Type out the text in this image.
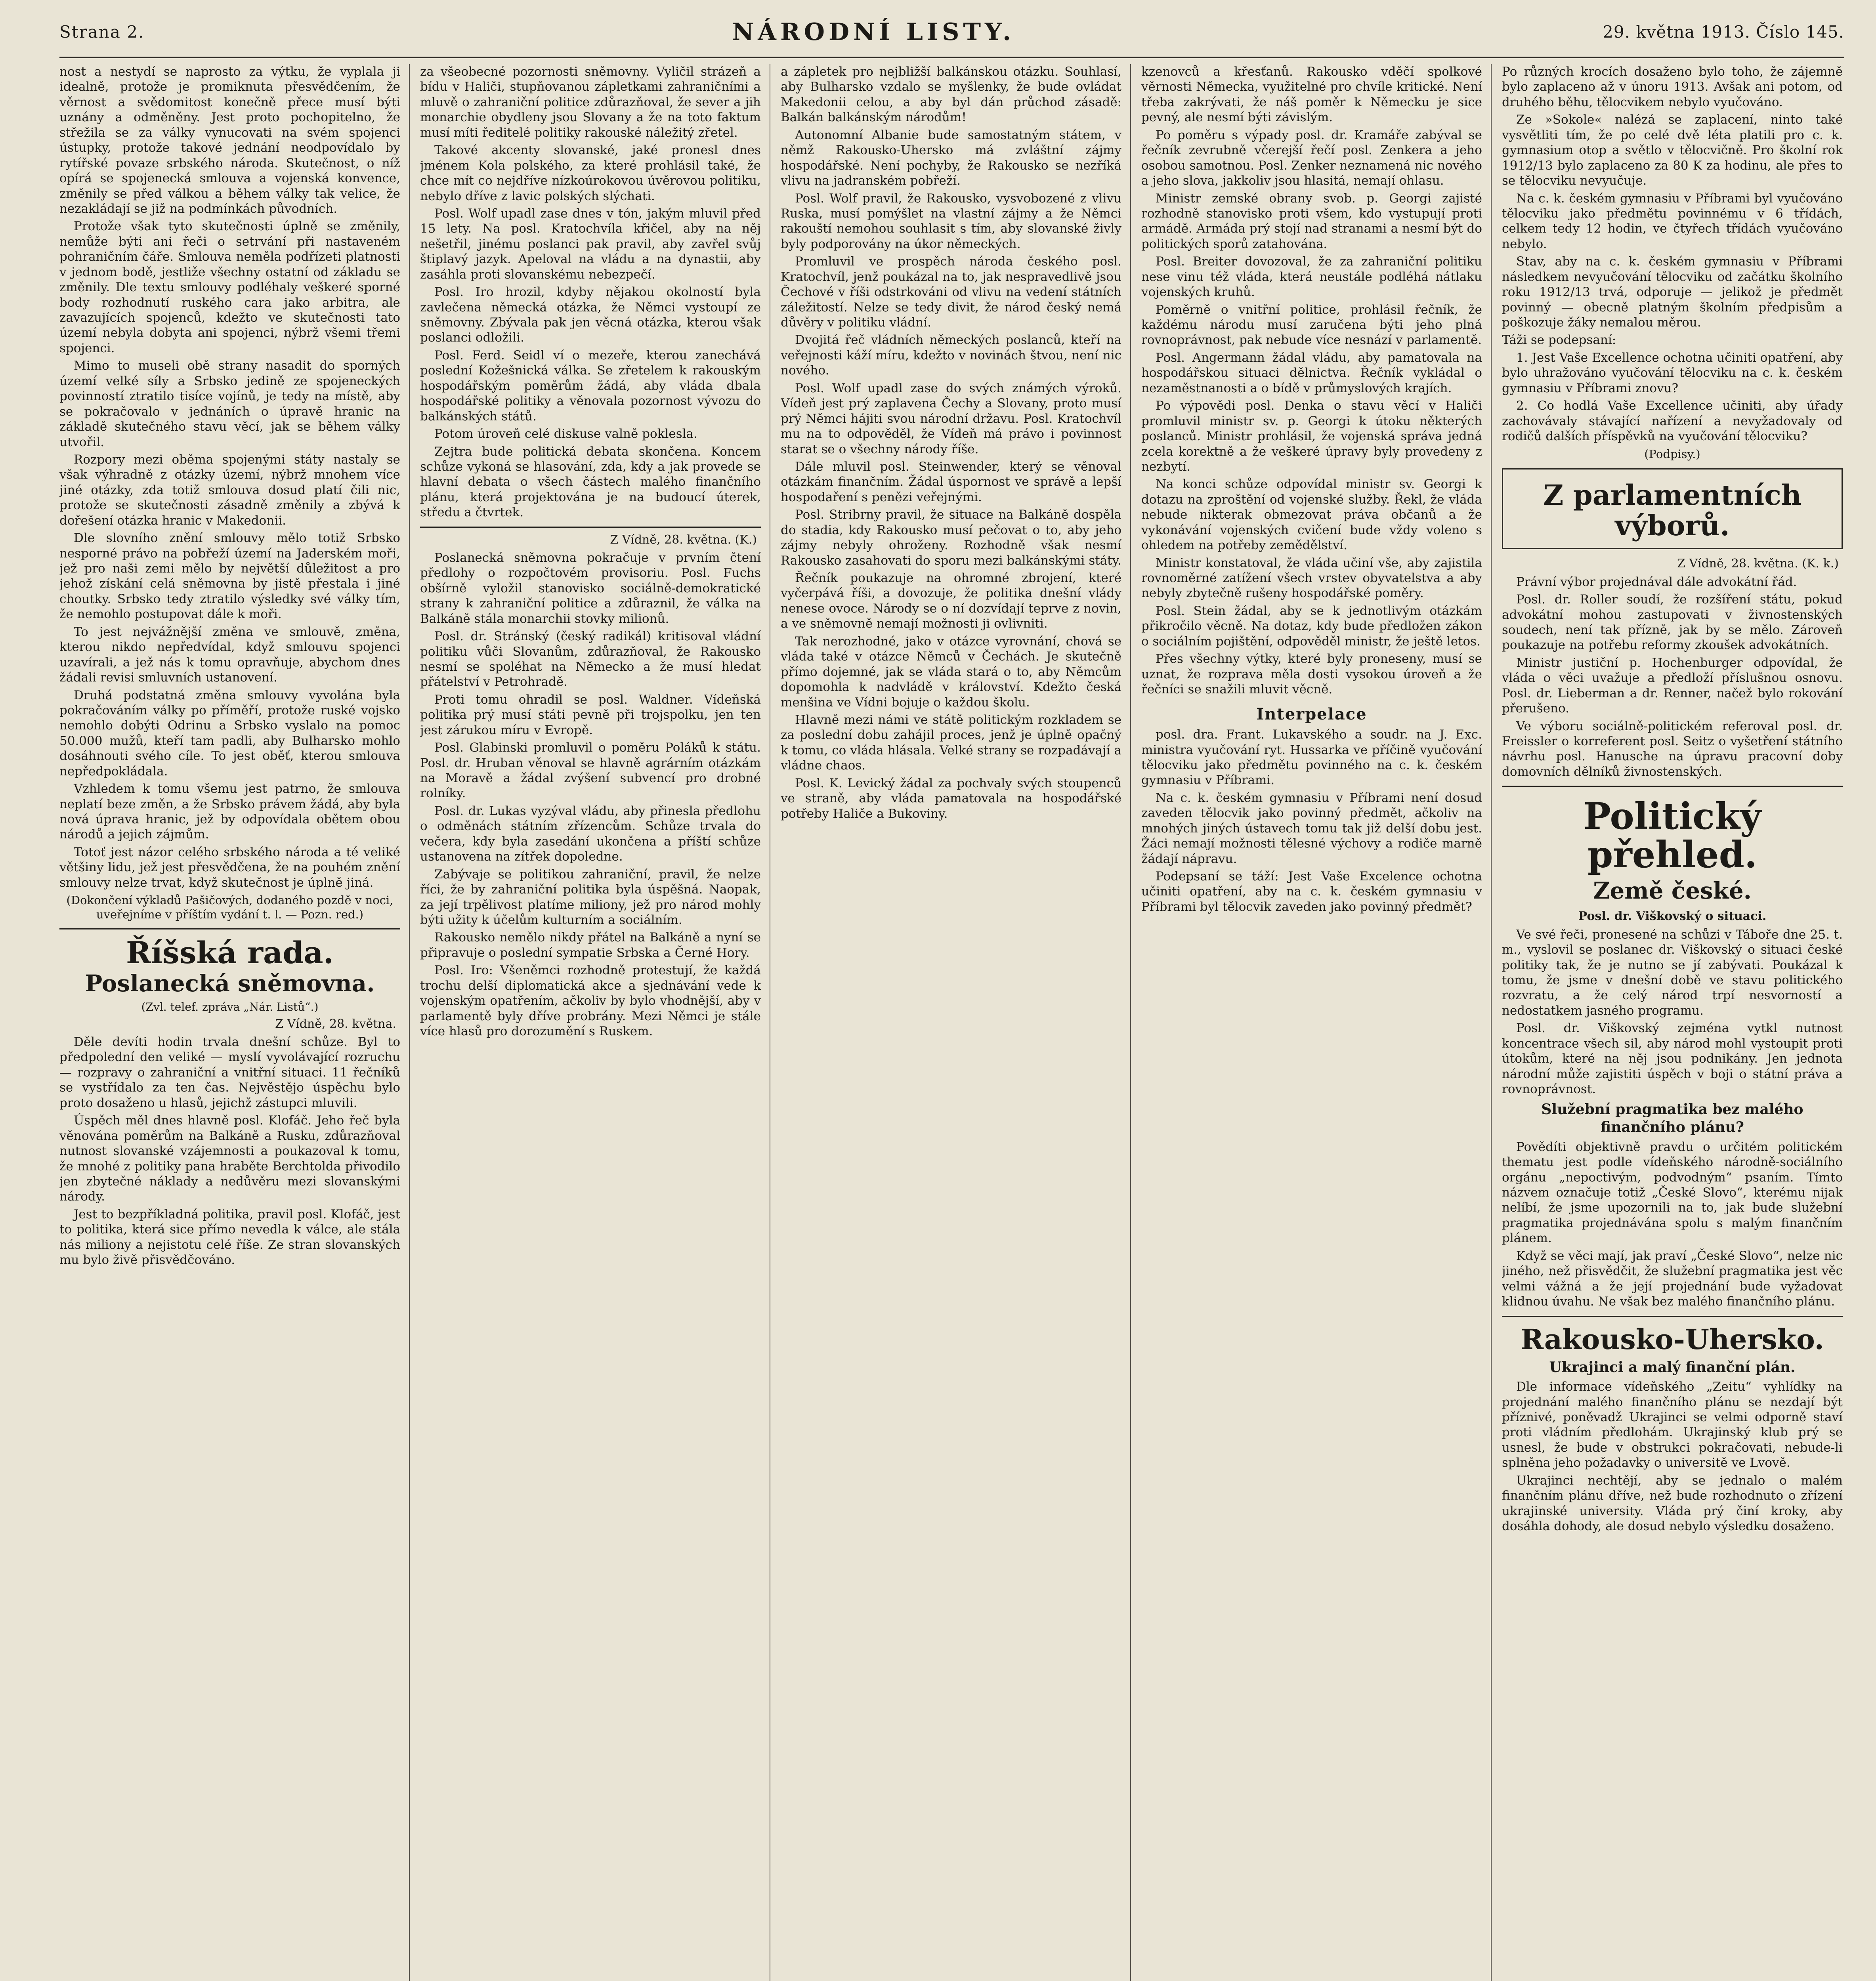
Strana 2.	NÁRODNÍ LISTY.	29. května 1913. Číslo 145.

nost a nestydí se naprosto za výtku, že vyplala ji idealně, protože je promiknuta přesvědčením, že věrnost a svědomitost konečně přece musí býti uznány a odměněny. Jest proto pochopitelno, že střežila se za války vynucovati na svém spojenci ústupky, protože takové jednání neodpovídalo by rytířské povaze srbského národa. Skutečnost, o níž opírá se spojenecká smlouva a vojenská konvence, změnily se před válkou a během války tak velice, že nezakládají se již na podmínkách původních.

Protože však tyto skutečnosti úplně se změnily, nemůže býti ani řeči o setrvání při nastaveném pohraničním čáře. Smlouva neměla podřízeti platnosti v jednom bodě, jestliže všechny ostatní od základu se změnily. Dle textu smlouvy podléhaly veškeré sporné body rozhodnutí ruského cara jako arbitra, ale zavazujících spojenců, kdežto ve skutečnosti tato území nebyla dobyta ani spojenci, nýbrž všemi třemi spojenci.

Mimo to museli obě strany nasadit do sporných území velké síly a Srbsko jedině ze spojeneckých povinností ztratilo tisíce vojínů, je tedy na místě, aby se pokračovalo v jednáních o úpravě hranic na základě skutečného stavu věcí, jak se během války utvořil.

Rozpory mezi oběma spojenými státy nastaly se však výhradně z otázky území, nýbrž mnohem více jiné otázky, zda totiž smlouva dosud platí čili nic, protože se skutečnosti zásadně změnily a zbývá k dořešení otázka hranic v Makedonii.

Dle slovního znění smlouvy mělo totiž Srbsko nesporné právo na pobřeží území na Jaderském moři, jež pro naši zemi mělo by největší důležitost a pro jehož získání celá sněmovna by jistě přestala i jiné choutky. Srbsko tedy ztratilo výsledky své války tím, že nemohlo postupovat dále k moři.

To jest nejvážnější změna ve smlouvě, změna, kterou nikdo nepředvídal, když smlouvu spojenci uzavírali, a jež nás k tomu opravňuje, abychom dnes žádali revisi smluvních ustanovení.

Druhá podstatná změna smlouvy vyvolána byla pokračováním války po příměří, protože ruské vojsko nemohlo dobýti Odrinu a Srbsko vyslalo na pomoc 50.000 mužů, kteří tam padli, aby Bulharsko mohlo dosáhnouti svého cíle. To jest oběť, kterou smlouva nepředpokládala.

Vzhledem k tomu všemu jest patrno, že smlouva neplatí beze změn, a že Srbsko právem žádá, aby byla nová úprava hranic, jež by odpovídala obětem obou národů a jejich zájmům.

Totoť jest názor celého srbského národa a té veliké většiny lidu, jež jest přesvědčena, že na pouhém znění smlouvy nelze trvat, když skutečnost je úplně jiná.

(Dokončení výkladů Pašičových, dodaného pozdě v noci, uveřejníme v příštím vydání t. l. — Pozn. red.)

Říšská rada.
Poslanecká sněmovna.
(Zvl. telef. zpráva „Nár. Listů“.)
Z Vídně, 28. května.

Děle devíti hodin trvala dnešní schůze. Byl to předpolední den veliké — myslí vyvolávající rozruchu — rozpravy o zahraniční a vnitřní situaci. 11 řečníků se vystřídalo za ten čas. Nejvěstějo úspěchu bylo proto dosaženo u hlasů, jejichž zástupci mluvili.

Úspěch měl dnes hlavně posl. Klofáč. Jeho řeč byla věnována poměrům na Balkáně a Rusku, zdůrazňoval nutnost slovanské vzájemnosti a poukazoval k tomu, že mnohé z politiky pana hraběte Berchtolda přivodilo jen zbytečné náklady a nedůvěru mezi slovanskými národy.

Jest to bezpříkladná politika, pravil posl. Klofáč, jest to politika, která sice přímo nevedla k válce, ale stála nás miliony a nejistotu celé říše. Ze stran slovanských mu bylo živě přisvědčováno.

za všeobecné pozornosti sněmovny. Vyličil strázeň a bídu v Haliči, stupňovanou zápletkami zahraničními a mluvě o zahraniční politice zdůrazňoval, že sever a jih monarchie obydleny jsou Slovany a že na toto faktum musí míti ředitelé politiky rakouské náležitý zřetel.

Takové akcenty slovanské, jaké pronesl dnes jménem Kola polského, za které prohlásil také, že chce mít co nejdříve nízkoúrokovou úvěrovou politiku, nebylo dříve z lavic polských slýchati.

Posl. Wolf upadl zase dnes v tón, jakým mluvil před 15 lety. Na posl. Kratochvíla křičel, aby na něj nešetřil, jinému poslanci pak pravil, aby zavřel svůj štiplavý jazyk. Apeloval na vládu a na dynastii, aby zasáhla proti slovanskému nebezpečí.

Posl. Iro hrozil, kdyby nějakou okolností byla zavlečena německá otázka, že Němci vystoupí ze sněmovny. Zbývala pak jen věcná otázka, kterou však poslanci odložili.

Posl. Ferd. Seidl ví o mezeře, kterou zanechává poslední Kožešnická válka. Se zřetelem k rakouským hospodářským poměrům žádá, aby vláda dbala hospodářské politiky a věnovala pozornost vývozu do balkánských států.

Potom úroveň celé diskuse valně poklesla.

Zejtra bude politická debata skončena. Koncem schůze vykoná se hlasování, zda, kdy a jak provede se hlavní debata o všech částech malého finančního plánu, která projektována je na budoucí úterek, středu a čtvrtek.

Z Vídně, 28. května. (K.)

Poslanecká sněmovna pokračuje v prvním čtení předlohy o rozpočtovém provisoriu. Posl. Fuchs obšírně vyložil stanovisko sociálně-demokratické strany k zahraniční politice a zdůraznil, že válka na Balkáně stála monarchii stovky milionů.

Posl. dr. Stránský (český radikál) kritisoval vládní politiku vůči Slovanům, zdůrazňoval, že Rakousko nesmí se spoléhat na Německo a že musí hledat přátelství v Petrohradě.

Proti tomu ohradil se posl. Waldner. Vídeňská politika prý musí státi pevně při trojspolku, jen ten jest zárukou míru v Evropě.

Posl. Glabinski promluvil o poměru Poláků k státu. Posl. dr. Hruban věnoval se hlavně agrárním otázkám na Moravě a žádal zvýšení subvencí pro drobné rolníky.

Posl. dr. Lukas vyzýval vládu, aby přinesla předlohu o odměnách státním zřízencům. Schůze trvala do večera, kdy byla zasedání ukončena a příští schůze ustanovena na zítřek dopoledne.

Zabývaje se politikou zahraniční, pravil, že nelze říci, že by zahraniční politika byla úspěšná. Naopak, za její trpělivost platíme miliony, jež pro národ mohly býti užity k účelům kulturním a sociálním.

Rakousko nemělo nikdy přátel na Balkáně a nyní se připravuje o poslední sympatie Srbska a Černé Hory.

Posl. Iro: Všeněmci rozhodně protestují, že každá trochu delší diplomatická akce a sjednávání vede k vojenským opatřením, ačkoliv by bylo vhodnější, aby v parlamentě byly dříve probrány. Mezi Němci je stále více hlasů pro dorozumění s Ruskem.

a zápletek pro nejbližší balkánskou otázku. Souhlasí, aby Bulharsko vzdalo se myšlenky, že bude ovládat Makedonii celou, a aby byl dán průchod zásadě: Balkán balkánským národům!

Autonomní Albanie bude samostatným státem, v němž Rakousko-Uhersko má zvláštní zájmy hospodářské. Není pochyby, že Rakousko se nezříká vlivu na jadranském pobřeží.

Posl. Wolf pravil, že Rakousko, vysvobozené z vlivu Ruska, musí pomýšlet na vlastní zájmy a že Němci rakouští nemohou souhlasit s tím, aby slovanské živly byly podporovány na úkor německých.

Promluvil ve prospěch národa českého posl. Kratochvíl, jenž poukázal na to, jak nespravedlivě jsou Čechové v říši odstrkováni od vlivu na vedení státních záležitostí. Nelze se tedy divit, že národ český nemá důvěry v politiku vládní.

Dvojitá řeč vládních německých poslanců, kteří na veřejnosti káží míru, kdežto v novinách štvou, není nic nového.

Posl. Wolf upadl zase do svých známých výroků. Vídeň jest prý zaplavena Čechy a Slovany, proto musí prý Němci hájiti svou národní državu. Posl. Kratochvíl mu na to odpověděl, že Vídeň má právo i povinnost starat se o všechny národy říše.

Dále mluvil posl. Steinwender, který se věnoval otázkám finančním. Žádal úspornost ve správě a lepší hospodaření s penězi veřejnými.

Posl. Stribrny pravil, že situace na Balkáně dospěla do stadia, kdy Rakousko musí pečovat o to, aby jeho zájmy nebyly ohroženy. Rozhodně však nesmí Rakousko zasahovati do sporu mezi balkánskými státy.

Řečník poukazuje na ohromné zbrojení, které vyčerpává říši, a dovozuje, že politika dnešní vlády nenese ovoce. Národy se o ní dozvídají teprve z novin, a ve sněmovně nemají možnosti ji ovlivniti.

Tak nerozhodné, jako v otázce vyrovnání, chová se vláda také v otázce Němců v Čechách. Je skutečně přímo dojemné, jak se vláda stará o to, aby Němcům dopomohla k nadvládě v království. Kdežto česká menšina ve Vídni bojuje o každou školu.

Hlavně mezi námi ve státě politickým rozkladem se za poslední dobu zahájil proces, jenž je úplně opačný k tomu, co vláda hlásala. Velké strany se rozpadávají a vládne chaos.

Posl. K. Levický žádal za pochvaly svých stoupenců ve straně, aby vláda pamatovala na hospodářské potřeby Haliče a Bukoviny.

kzenovců a křesťanů. Rakousko vděčí spolkové věrnosti Německa, využitelné pro chvíle kritické. Není třeba zakrývati, že náš poměr k Německu je sice pevný, ale nesmí býti závislým.

Po poměru s výpady posl. dr. Kramáře zabýval se řečník zevrubně včerejší řečí posl. Zenkera a jeho osobou samotnou. Posl. Zenker neznamená nic nového a jeho slova, jakkoliv jsou hlasitá, nemají ohlasu.

Ministr zemské obrany svob. p. Georgi zajisté rozhodně stanovisko proti všem, kdo vystupují proti armádě. Armáda prý stojí nad stranami a nesmí být do politických sporů zatahována.

Posl. Breiter dovozoval, že za zahraniční politiku nese vinu též vláda, která neustále podléhá nátlaku vojenských kruhů.

Poměrně o vnitřní politice, prohlásil řečník, že každému národu musí zaručena býti jeho plná rovnoprávnost, pak nebude více nesnází v parlamentě.

Posl. Angermann žádal vládu, aby pamatovala na hospodářskou situaci dělnictva. Řečník vykládal o nezaměstnanosti a o bídě v průmyslových krajích.

Po výpovědi posl. Denka o stavu věcí v Haliči promluvil ministr sv. p. Georgi k útoku některých poslanců. Ministr prohlásil, že vojenská správa jedná zcela korektně a že veškeré úpravy byly provedeny z nezbytí.

Na konci schůze odpovídal ministr sv. Georgi k dotazu na zproštění od vojenské služby. Řekl, že vláda nebude nikterak obmezovat práva občanů a že vykonávání vojenských cvičení bude vždy voleno s ohledem na potřeby zemědělství.

Ministr konstatoval, že vláda učiní vše, aby zajistila rovnoměrné zatížení všech vrstev obyvatelstva a aby nebyly zbytečně rušeny hospodářské poměry.

Posl. Stein žádal, aby se k jednotlivým otázkám přikročilo věcně. Na dotaz, kdy bude předložen zákon o sociálním pojištění, odpověděl ministr, že ještě letos.

Přes všechny výtky, které byly proneseny, musí se uznat, že rozprava měla dosti vysokou úroveň a že řečníci se snažili mluvit věcně.

Interpelace

posl. dra. Frant. Lukavského a soudr. na J. Exc. ministra vyučování ryt. Hussarka ve příčině vyučování tělocviku jako předmětu povinného na c. k. českém gymnasiu v Příbrami.

Na c. k. českém gymnasiu v Příbrami není dosud zaveden tělocvik jako povinný předmět, ačkoliv na mnohých jiných ústavech tomu tak již delší dobu jest. Žáci nemají možnosti tělesné výchovy a rodiče marně žádají nápravu.

Podepsaní se táží: Jest Vaše Excelence ochotna učiniti opatření, aby na c. k. českém gymnasiu v Příbrami byl tělocvik zaveden jako povinný předmět?

Po různých krocích dosaženo bylo toho, že zájemně bylo zaplaceno až v únoru 1913. Avšak ani potom, od druhého běhu, tělocvikem nebylo vyučováno.

Ze »Sokole« nalézá se zaplacení, ninto také vysvětliti tím, že po celé dvě léta platili pro c. k. gymnasium otop a světlo v tělocvičně. Pro školní rok 1912/13 bylo zaplaceno za 80 K za hodinu, ale přes to se tělocviku nevyučuje.

Na c. k. českém gymnasiu v Příbrami byl vyučováno tělocviku jako předmětu povinnému v 6 třídách, celkem tedy 12 hodin, ve čtyřech třídách vyučováno nebylo.

Stav, aby na c. k. českém gymnasiu v Příbrami následkem nevyučování tělocviku od začátku školního roku 1912/13 trvá, odporuje — jelikož je předmět povinný — obecně platným školním předpisům a poškozuje žáky nemalou měrou.

Táži se podepsaní:

1. Jest Vaše Excellence ochotna učiniti opatření, aby bylo uhražováno vyučování tělocviku na c. k. českém gymnasiu v Příbrami znovu?

2. Co hodlá Vaše Excellence učiniti, aby úřady zachovávaly stávající nařízení a nevyžadovaly od rodičů dalších příspěvků na vyučování tělocviku?

(Podpisy.)

Z parlamentních výborů.
Z Vídně, 28. května. (K. k.)

Právní výbor projednával dále advokátní řád.

Posl. dr. Roller soudí, že rozšíření státu, pokud advokátní mohou zastupovati v živnostenských soudech, není tak přízně, jak by se mělo. Zároveň poukazuje na potřebu reformy zkoušek advokátních.

Ministr justiční p. Hochenburger odpovídal, že vláda o věci uvažuje a předloží příslušnou osnovu. Posl. dr. Lieberman a dr. Renner, načež bylo rokování přerušeno.

Ve výboru sociálně-politickém referoval posl. dr. Freissler o korreferent posl. Seitz o vyšetření státního návrhu posl. Hanusche na úpravu pracovní doby domovních dělníků živnostenských.

Politický přehled.
Země české.
Posl. dr. Viškovský o situaci.

Ve své řeči, pronesené na schůzi v Táboře dne 25. t. m., vyslovil se poslanec dr. Viškovský o situaci české politiky tak, že je nutno se jí zabývati. Poukázal k tomu, že jsme v dnešní době ve stavu politického rozvratu, a že celý národ trpí nesvorností a nedostatkem jasného programu.

Posl. dr. Viškovský zejména vytkl nutnost koncentrace všech sil, aby národ mohl vystoupit proti útokům, které na něj jsou podnikány. Jen jednota národní může zajistiti úspěch v boji o státní práva a rovnoprávnost.

Služební pragmatika bez malého finančního plánu?

Povědíti objektivně pravdu o určitém politickém thematu jest podle vídeňského národně-sociálního orgánu „nepoctivým, podvodným“ psaním. Tímto názvem označuje totiž „České Slovo“, kterému nijak nelíbí, že jsme upozornili na to, jak bude služební pragmatika projednávána spolu s malým finančním plánem.

Když se věci mají, jak praví „České Slovo“, nelze nic jiného, než přisvědčit, že služební pragmatika jest věc velmi vážná a že její projednání bude vyžadovat klidnou úvahu. Ne však bez malého finančního plánu.

Rakousko-Uhersko.
Ukrajinci a malý finanční plán.

Dle informace vídeňského „Zeitu“ vyhlídky na projednání malého finančního plánu se nezdají být příznivé, poněvadž Ukrajinci se velmi odporně staví proti vládním předlohám. Ukrajinský klub prý se usnesl, že bude v obstrukci pokračovati, nebude-li splněna jeho požadavky o universitě ve Lvově.

Ukrajinci nechtějí, aby se jednalo o malém finančním plánu dříve, než bude rozhodnuto o zřízení ukrajinské university. Vláda prý činí kroky, aby dosáhla dohody, ale dosud nebylo výsledku dosaženo.
